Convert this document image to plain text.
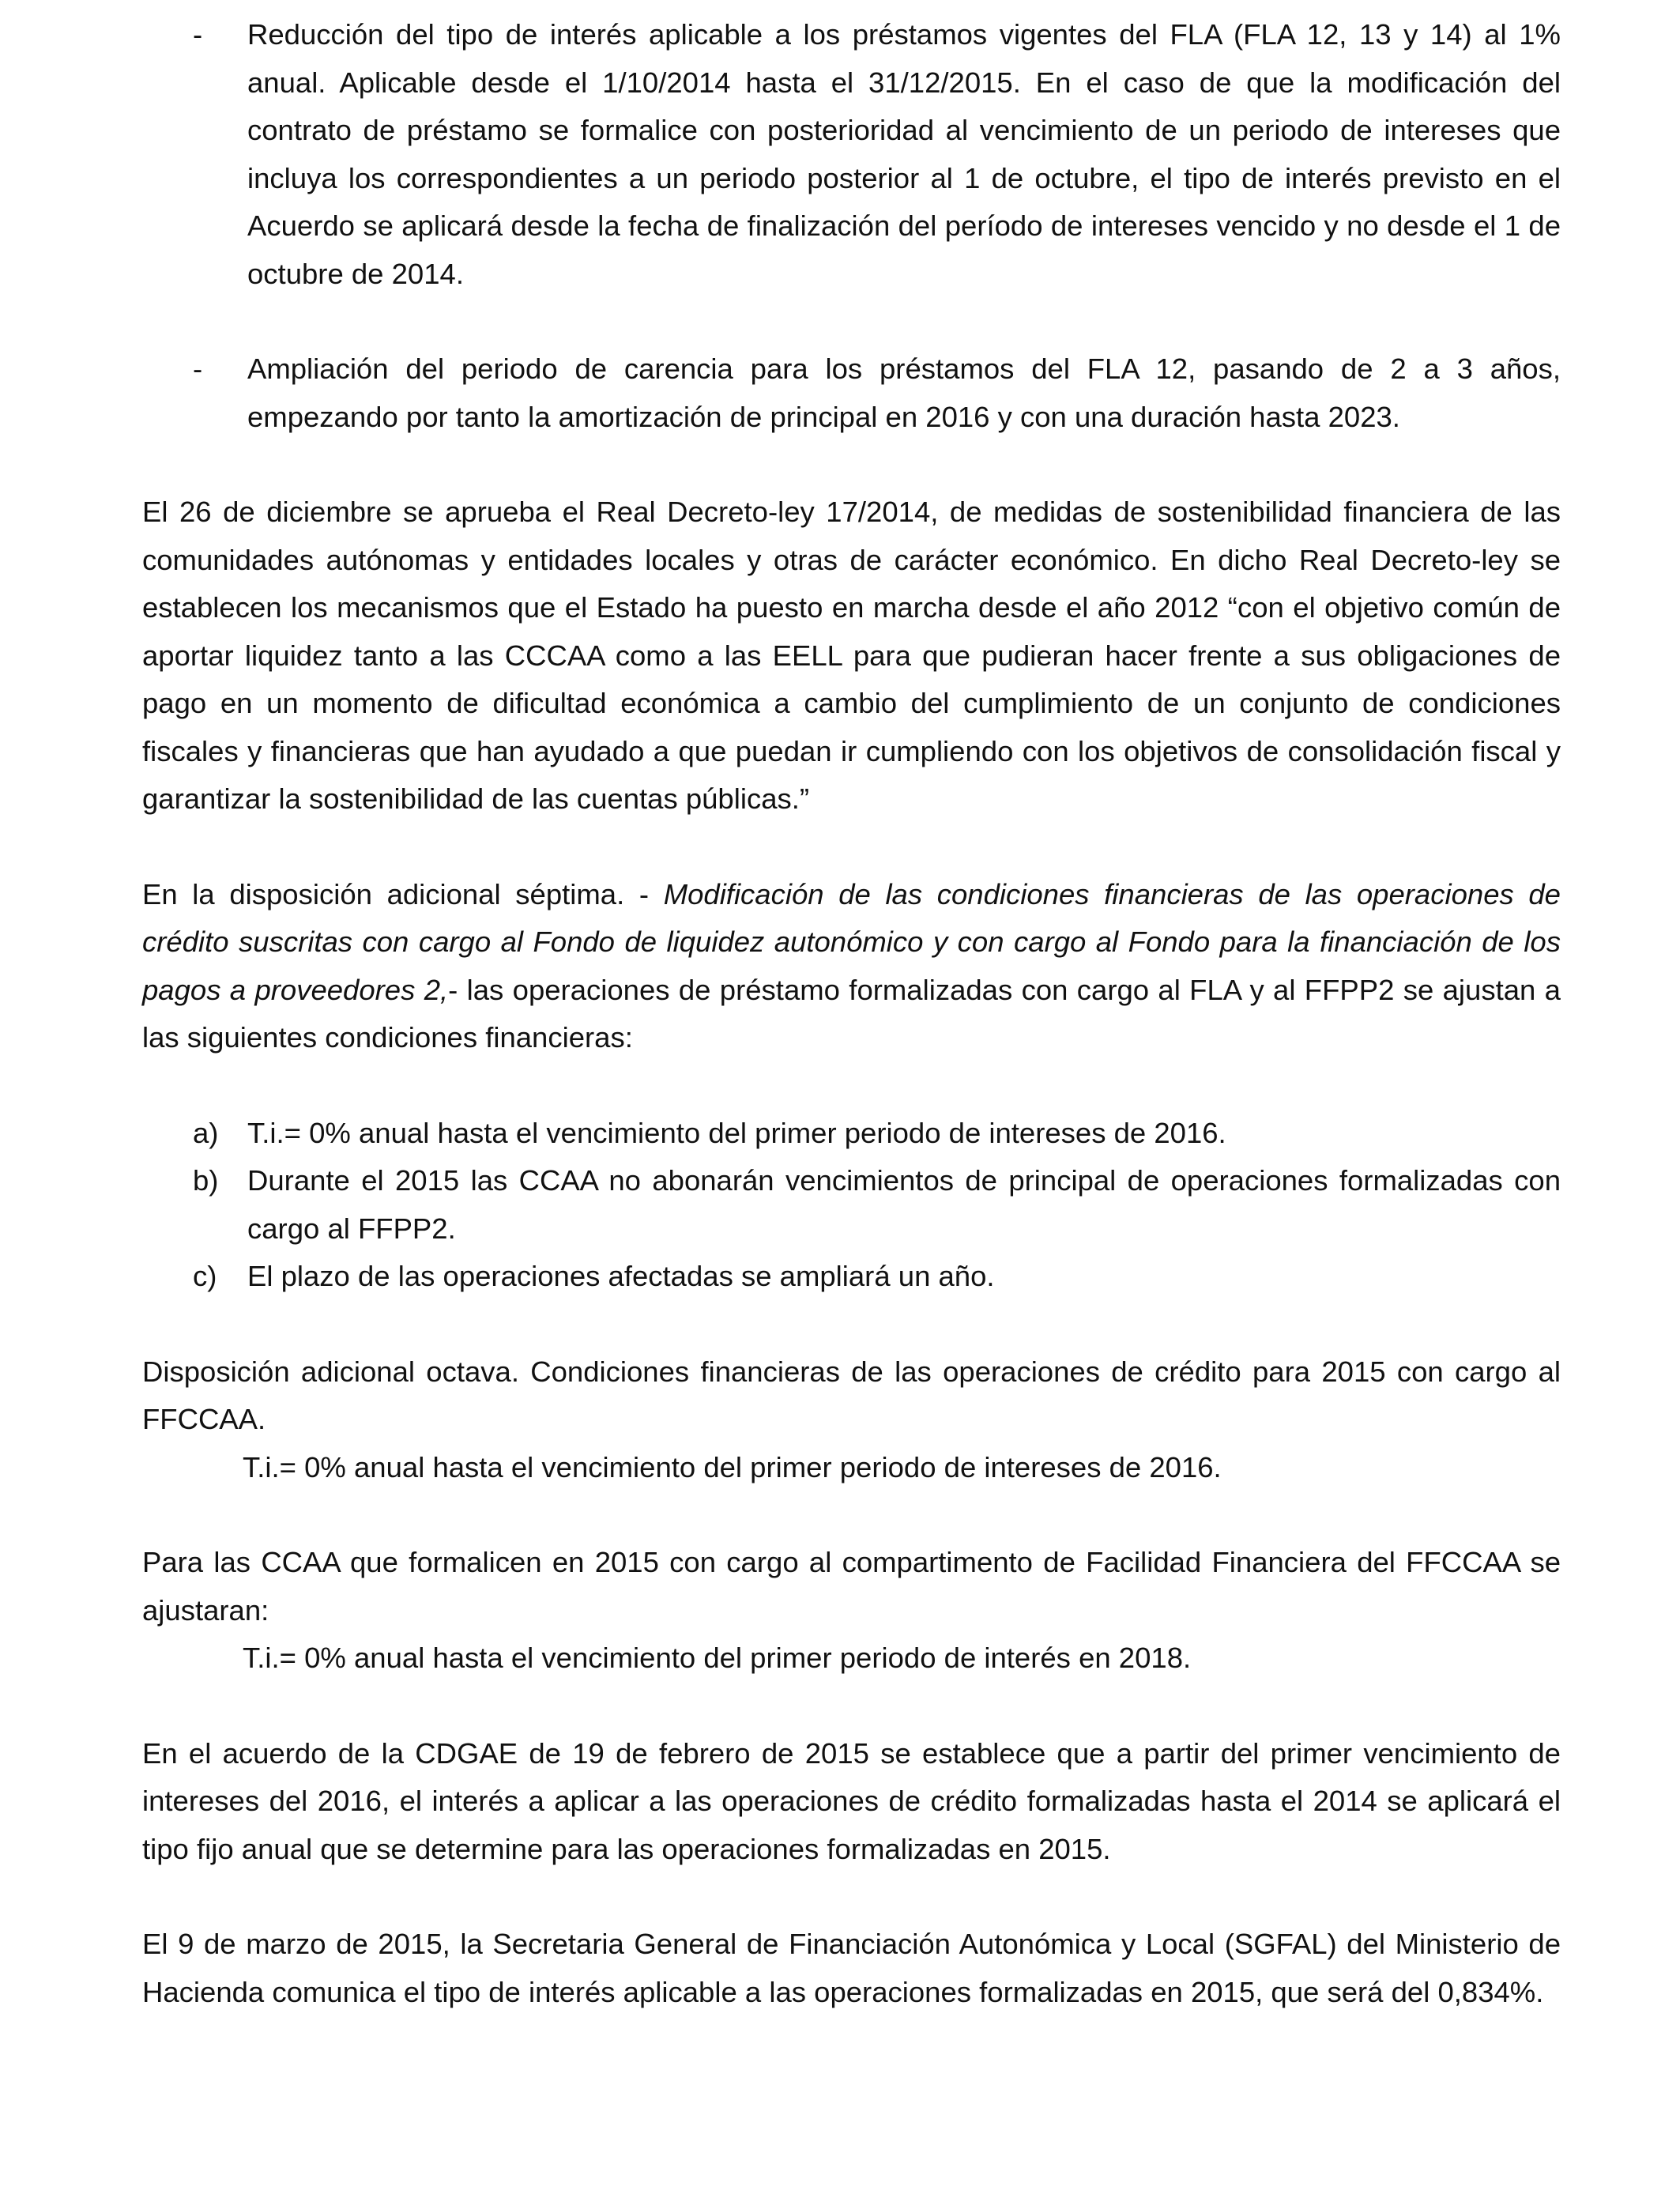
- Reducción del tipo de interés aplicable a los préstamos vigentes del FLA (FLA 12, 13 y 14) al 1% anual. Aplicable desde el 1/10/2014 hasta el 31/12/2015. En el caso de que la modificación del contrato de préstamo se formalice con posterioridad al vencimiento de un periodo de intereses que incluya los correspondientes a un periodo posterior al 1 de octubre, el tipo de interés previsto en el Acuerdo se aplicará desde la fecha de finalización del período de intereses vencido y no desde el 1 de octubre de 2014.
- Ampliación del periodo de carencia para los préstamos del FLA 12, pasando de 2 a 3 años, empezando por tanto la amortización de principal en 2016 y con una duración hasta 2023.

El 26 de diciembre se aprueba el Real Decreto-ley 17/2014, de medidas de sostenibilidad financiera de las comunidades autónomas y entidades locales y otras de carácter económico. En dicho Real Decreto-ley se establecen los mecanismos que el Estado ha puesto en marcha desde el año 2012 “con el objetivo común de aportar liquidez tanto a las CCCAA como a las EELL para que pudieran hacer frente a sus obligaciones de pago en un momento de dificultad económica a cambio del cumplimiento de un conjunto de condiciones fiscales y financieras que han ayudado a que puedan ir cumpliendo con los objetivos de consolidación fiscal y garantizar la sostenibilidad de las cuentas públicas.”

En la disposición adicional séptima. - Modificación de las condiciones financieras de las operaciones de crédito suscritas con cargo al Fondo de liquidez autonómico y con cargo al Fondo para la financiación de los pagos a proveedores 2,- las operaciones de préstamo formalizadas con cargo al FLA y al FFPP2 se ajustan a las siguientes condiciones financieras:

a) T.i.= 0% anual hasta el vencimiento del primer periodo de intereses de 2016.
b) Durante el 2015 las CCAA no abonarán vencimientos de principal de operaciones formalizadas con cargo al FFPP2.
c) El plazo de las operaciones afectadas se ampliará un año.

Disposición adicional octava. Condiciones financieras de las operaciones de crédito para 2015 con cargo al FFCCAA.

T.i.= 0% anual hasta el vencimiento del primer periodo de intereses de 2016.

Para las CCAA que formalicen en 2015 con cargo al compartimento de Facilidad Financiera del FFCCAA se ajustaran:

T.i.= 0% anual hasta el vencimiento del primer periodo de interés en 2018.

En el acuerdo de la CDGAE de 19 de febrero de 2015 se establece que a partir del primer vencimiento de intereses del 2016, el interés a aplicar a las operaciones de crédito formalizadas hasta el 2014 se aplicará el tipo fijo anual que se determine para las operaciones formalizadas en 2015.

El 9 de marzo de 2015, la Secretaria General de Financiación Autonómica y Local (SGFAL) del Ministerio de Hacienda comunica el tipo de interés aplicable a las operaciones formalizadas en 2015, que será del 0,834%.
